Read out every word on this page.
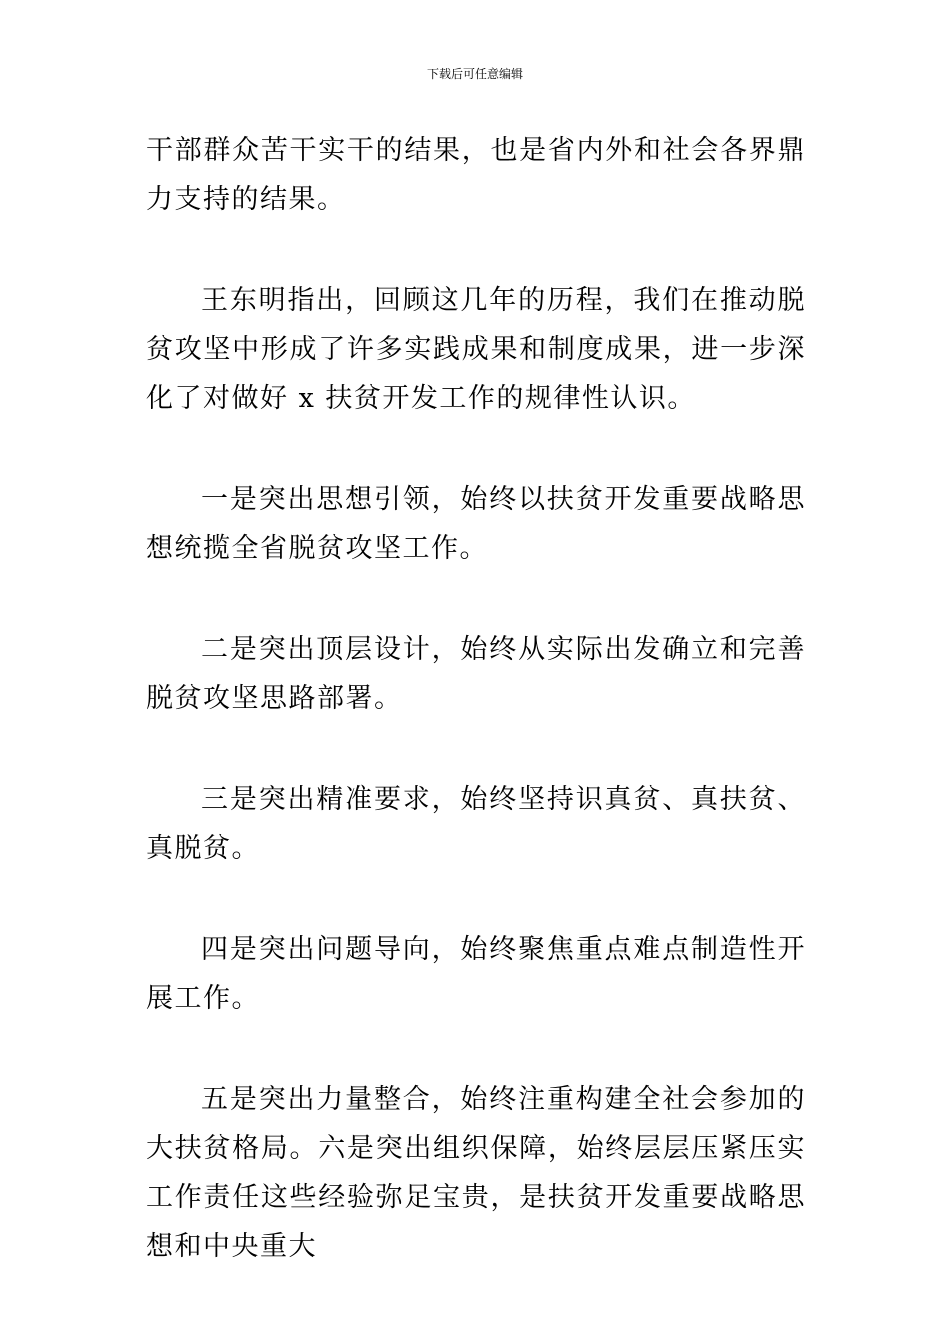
下载后可任意编辑

干部群众苦干实干的结果，也是省内外和社会各界鼎力支持的结果。

王东明指出，回顾这几年的历程，我们在推动脱贫攻坚中形成了许多实践成果和制度成果，进一步深化了对做好 x 扶贫开发工作的规律性认识。

一是突出思想引领，始终以扶贫开发重要战略思想统揽全省脱贫攻坚工作。

二是突出顶层设计，始终从实际出发确立和完善脱贫攻坚思路部署。

三是突出精准要求，始终坚持识真贫、真扶贫、真脱贫。

四是突出问题导向，始终聚焦重点难点制造性开展工作。

五是突出力量整合，始终注重构建全社会参加的大扶贫格局。六是突出组织保障，始终层层压紧压实工作责任这些经验弥足宝贵，是扶贫开发重要战略思想和中央重大
